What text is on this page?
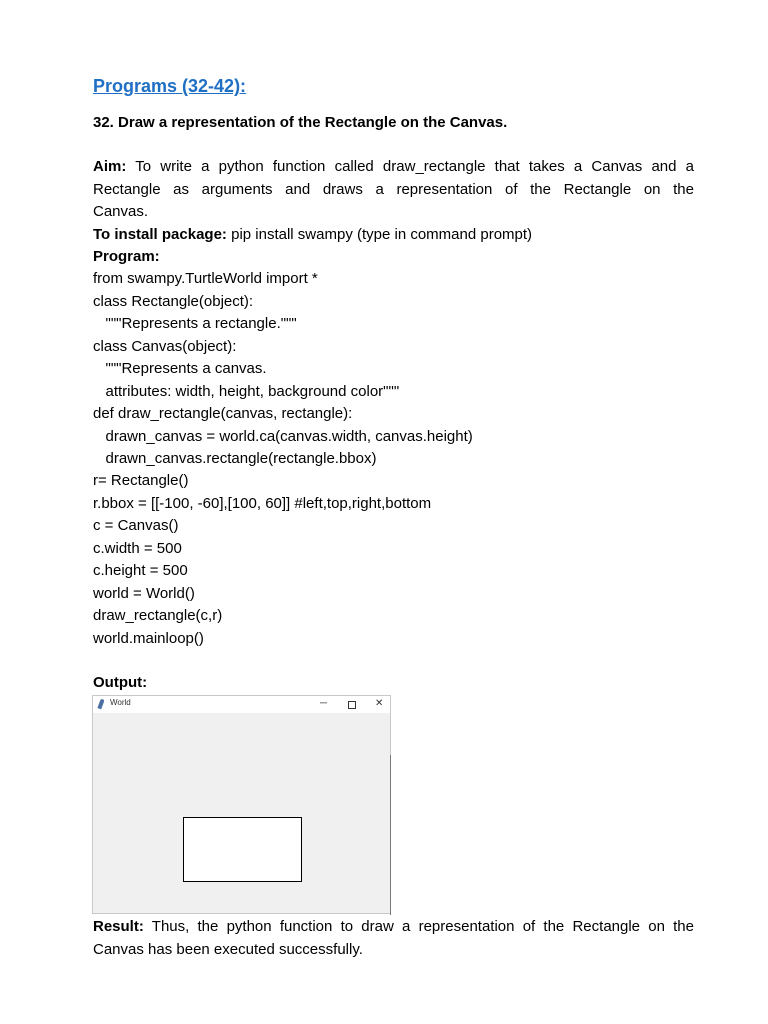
Programs (32-42):
32. Draw a representation of the Rectangle on the Canvas.
Aim: To write a python function called draw_rectangle that takes a Canvas and a
Rectangle as arguments and draws a representation of the Rectangle on the
Canvas.
To install package: pip install swampy (type in command prompt)
Program:
from swampy.TurtleWorld import *
class Rectangle(object):
"""Represents a rectangle."""
class Canvas(object):
"""Represents a canvas.
attributes: width, height, background color"""
def draw_rectangle(canvas, rectangle):
drawn_canvas = world.ca(canvas.width, canvas.height)
drawn_canvas.rectangle(rectangle.bbox)
r= Rectangle()
r.bbox = [[-100, -60],[100, 60]] #left,top,right,bottom
c = Canvas()
c.width = 500
c.height = 500
world = World()
draw_rectangle(c,r)
world.mainloop()
Output:
World	─	✕
Result: Thus, the python function to draw a representation of the Rectangle on the
Canvas has been executed successfully.
